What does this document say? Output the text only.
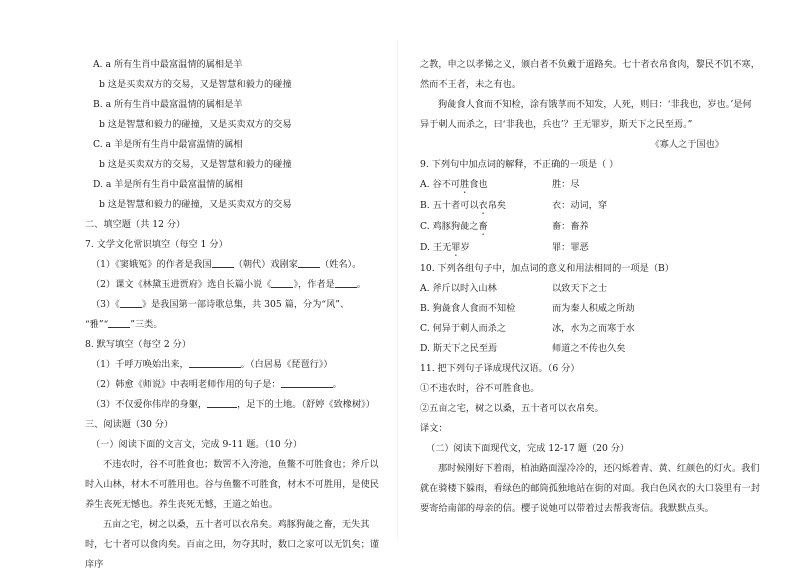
A. a 所有生肖中最富温情的属相是羊
b 这是买卖双方的交易，又是智慧和毅力的碰撞
B. a 所有生肖中最富温情的属相是羊
b 这是智慧和毅力的碰撞，又是买卖双方的交易
C. a 羊是所有生肖中最富温情的属相
b 这是买卖双方的交易，又是智慧和毅力的碰撞
D. a 羊是所有生肖中最富温情的属相
b 这是智慧和毅力的碰撞，又是买卖双方的交易
二、填空题（共 12 分）
7. 文学文化常识填空（每空 1 分）
（1）《窦娥冤》的作者是我国 （朝代）戏剧家 （姓名）。
（2）课文《林黛玉进贾府》选自长篇小说《 》，作者是 。
（3）《 》是我国第一部诗歌总集，共 305 篇，分为“风”、
“雅”“ ”三类。
8. 默写填空（每空 2 分）
（1）千呼万唤始出来，	。（白居易《琵琶行》）
（2）韩愈《师说》中表明老师作用的句子是：	。
（3）不仅爱你伟岸的身躯，	，足下的土地。（舒婷《致橡树》）
三、阅读题（30 分）
（一）阅读下面的文言文，完成 9-11 题。（10 分）
不违农时，谷不可胜食也；数罟不入洿池，鱼鳖不可胜食也；斧斤以时入山林，材木不可胜用也。谷与鱼鳖不可胜食，材木不可胜用，是使民养生丧死无憾也。养生丧死无憾，王道之始也。
五亩之宅，树之以桑，五十者可以衣帛矣。鸡豚狗彘之畜，无失其时，七十者可以食肉矣。百亩之田，勿夺其时，数口之家可以无饥矣；谨庠序
之教，申之以孝悌之义，颁白者不负戴于道路矣。七十者衣帛食肉，黎民不饥不寒，然而不王者，未之有也。
狗彘食人食而不知检，涂有饿莩而不知发，人死，则曰：‘非我也，岁也。’是何异于刺人而杀之，曰‘非我也，兵也’？王无罪岁，斯天下之民至焉。”
《寡人之于国也》
9. 下列句中加点词的解释，不正确的一项是（ ）
A. 谷不可胜食也	胜：尽
B. 五十者可以衣帛矣	衣：动词，穿
C. 鸡豚狗彘之畜	畜：畜养
D. 王无罪岁	罪：罪恶
10. 下列各组句子中，加点词的意义和用法相同的一项是（B）
A. 斧斤以时入山林	以致天下之士
B. 狗彘食人食而不知检	而为秦人积威之所劫
C. 何异于刺人而杀之	冰，水为之而寒于水
D. 斯天下之民至焉	师道之不传也久矣
11. 把下列句子译成现代汉语。（6 分）
①不违农时，谷不可胜食也。
②五亩之宅，树之以桑，五十者可以衣帛矣。
译文：
（二）阅读下面现代文，完成 12-17 题（20 分）
那时候刚好下着雨，柏油路面湿冷冷的，还闪烁着青、黄、红颜色的灯火。我们就在骑楼下躲雨，看绿色的邮筒孤独地站在街的对面。我白色风衣的大口袋里有一封要寄给南部的母亲的信。樱子说她可以带着过去帮我寄信。我默默点头。
